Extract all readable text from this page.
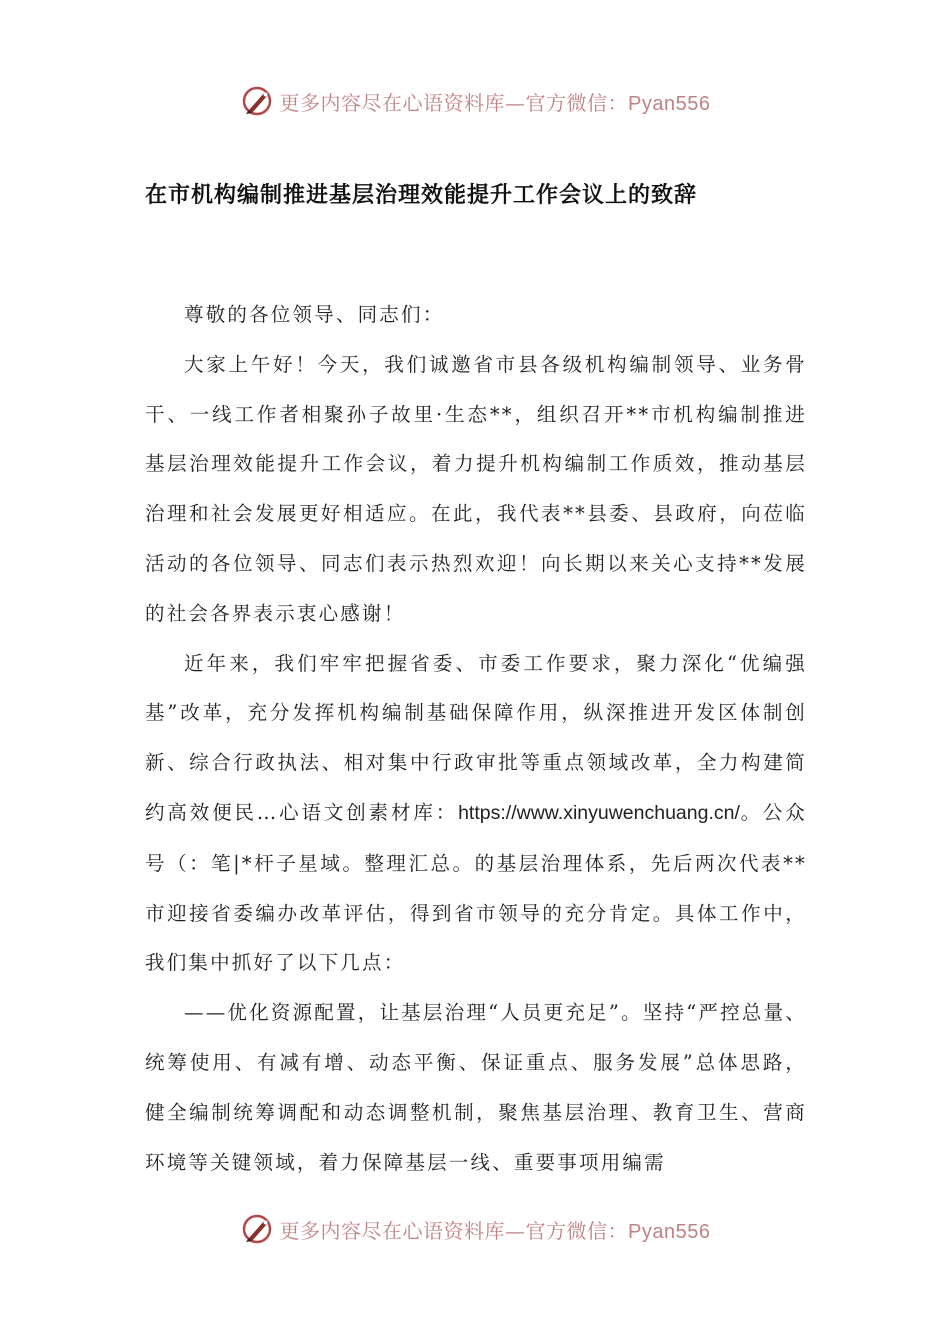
更多内容尽在心语资料库—官方微信：Pyan556
在市机构编制推进基层治理效能提升工作会议上的致辞

尊敬的各位领导、同志们：

大家上午好！今天，我们诚邀省市县各级机构编制领导、业务骨干、一线工作者相聚孙子故里·生态**，组织召开**市机构编制推进基层治理效能提升工作会议，着力提升机构编制工作质效，推动基层治理和社会发展更好相适应。在此，我代表**县委、县政府，向莅临活动的各位领导、同志们表示热烈欢迎！向长期以来关心支持**发展的社会各界表示衷心感谢！

近年来，我们牢牢把握省委、市委工作要求，聚力深化“优编强基”改革，充分发挥机构编制基础保障作用，纵深推进开发区体制创新、综合行政执法、相对集中行政审批等重点领域改革，全力构建简约高效便民…心语文创素材库：https://www.xinyuwenchuang.cn/。公众号（：笔|*杆子星域。整理汇总。的基层治理体系，先后两次代表**市迎接省委编办改革评估，得到省市领导的充分肯定。具体工作中，我们集中抓好了以下几点：

——优化资源配置，让基层治理“人员更充足”。坚持“严控总量、统筹使用、有减有增、动态平衡、保证重点、服务发展”总体思路，健全编制统筹调配和动态调整机制，聚焦基层治理、教育卫生、营商环境等关键领域，着力保障基层一线、重要事项用编需

更多内容尽在心语资料库—官方微信：Pyan556
